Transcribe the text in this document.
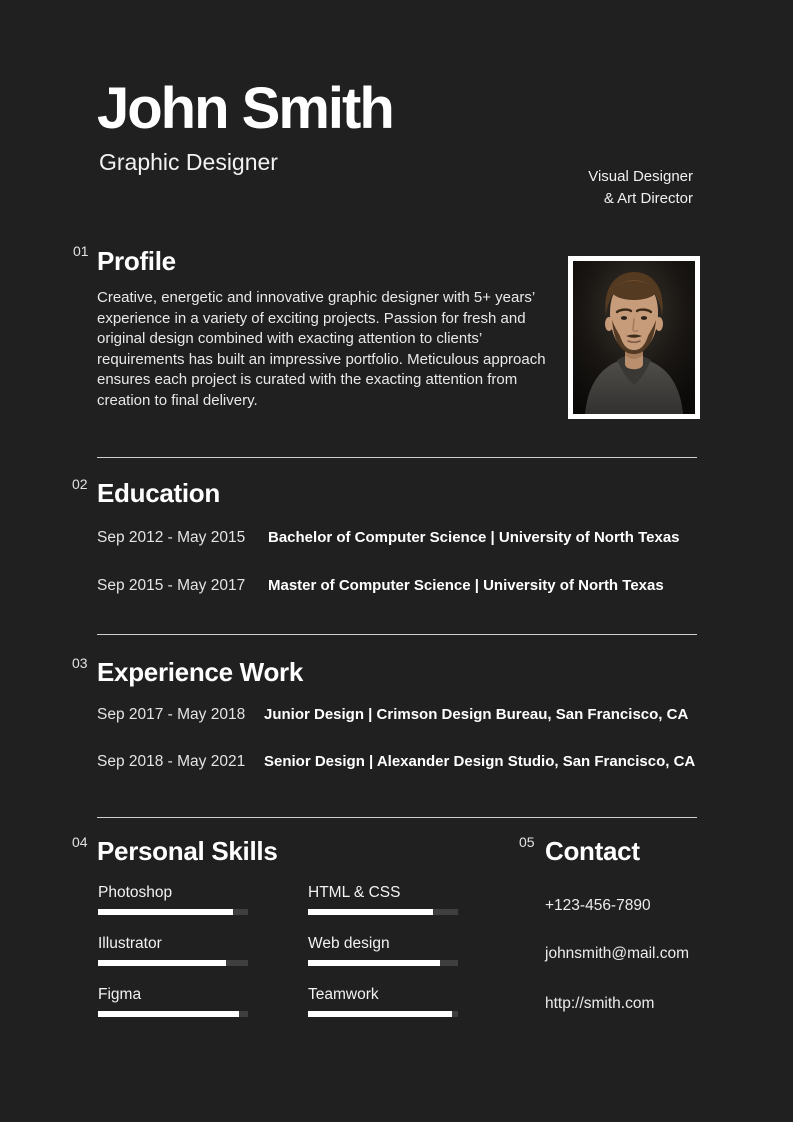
John Smith
Graphic Designer
Visual Designer
& Art Director
01 Profile
Creative, energetic and innovative graphic designer with 5+ years’ experience in a variety of exciting projects. Passion for fresh and original design combined with exacting attention to clients’ requirements has built an impressive portfolio. Meticulous approach ensures each project is curated with the exacting attention from creation to final delivery.
02 Education
Sep 2012 - May 2015 Bachelor of Computer Science | University of North Texas
Sep 2015 - May 2017 Master of Computer Science | University of North Texas
03 Experience Work
Sep 2017 - May 2018 Junior Design | Crimson Design Bureau, San Francisco, CA
Sep 2018 - May 2021 Senior Design | Alexander Design Studio, San Francisco, CA
04 Personal Skills
Photoshop
Illustrator
Figma
HTML & CSS
Web design
Teamwork
05 Contact
+123-456-7890
johnsmith@mail.com
http://smith.com
